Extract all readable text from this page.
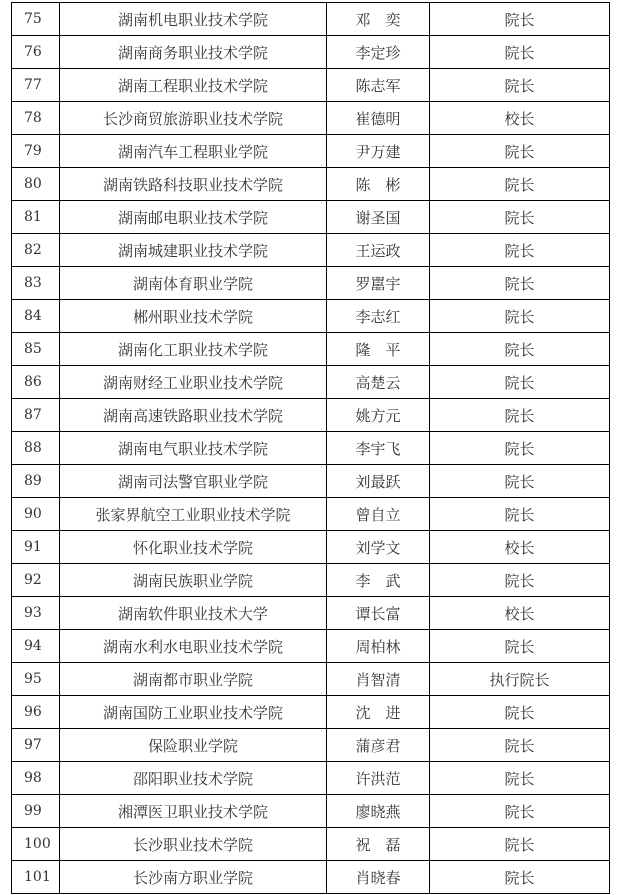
75	湖南机电职业技术学院	邓　奕	院长
76	湖南商务职业技术学院	李定珍	院长
77	湖南工程职业技术学院	陈志军	院长
78	长沙商贸旅游职业技术学院	崔德明	校长
79	湖南汽车工程职业学院	尹万建	院长
80	湖南铁路科技职业技术学院	陈　彬	院长
81	湖南邮电职业技术学院	谢圣国	院长
82	湖南城建职业技术学院	王运政	院长
83	湖南体育职业学院	罗嚚宇	院长
84	郴州职业技术学院	李志红	院长
85	湖南化工职业技术学院	隆　平	院长
86	湖南财经工业职业技术学院	高楚云	院长
87	湖南高速铁路职业技术学院	姚方元	院长
88	湖南电气职业技术学院	李宇飞	院长
89	湖南司法警官职业学院	刘最跃	院长
90	张家界航空工业职业技术学院	曾自立	院长
91	怀化职业技术学院	刘学文	校长
92	湖南民族职业学院	李　武	院长
93	湖南软件职业技术大学	谭长富	校长
94	湖南水利水电职业技术学院	周柏林	院长
95	湖南都市职业学院	肖智清	执行院长
96	湖南国防工业职业技术学院	沈　进	院长
97	保险职业学院	蒲彦君	院长
98	邵阳职业技术学院	许洪范	院长
99	湘潭医卫职业技术学院	廖晓燕	院长
100	长沙职业技术学院	祝　磊	院长
101	长沙南方职业学院	肖晓春	院长
